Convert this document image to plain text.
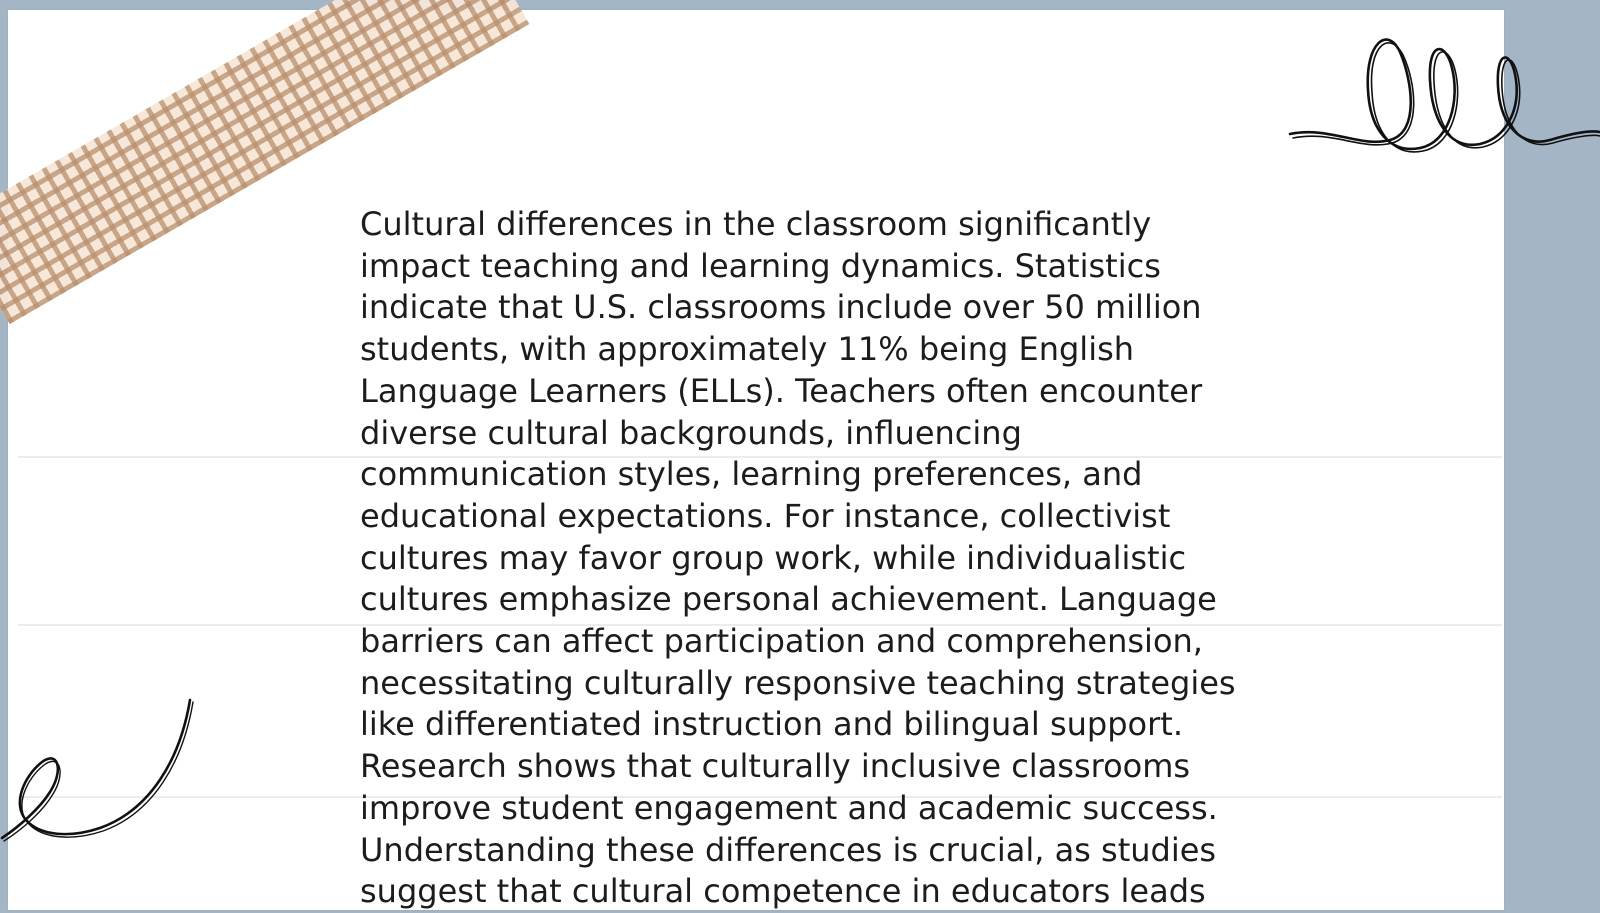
Cultural differences in the classroom significantly
impact teaching and learning dynamics. Statistics
indicate that U.S. classrooms include over 50 million
students, with approximately 11% being English
Language Learners (ELLs). Teachers often encounter
diverse cultural backgrounds, influencing
communication styles, learning preferences, and
educational expectations. For instance, collectivist
cultures may favor group work, while individualistic
cultures emphasize personal achievement. Language
barriers can affect participation and comprehension,
necessitating culturally responsive teaching strategies
like differentiated instruction and bilingual support.
Research shows that culturally inclusive classrooms
improve student engagement and academic success.
Understanding these differences is crucial, as studies
suggest that cultural competence in educators leads
